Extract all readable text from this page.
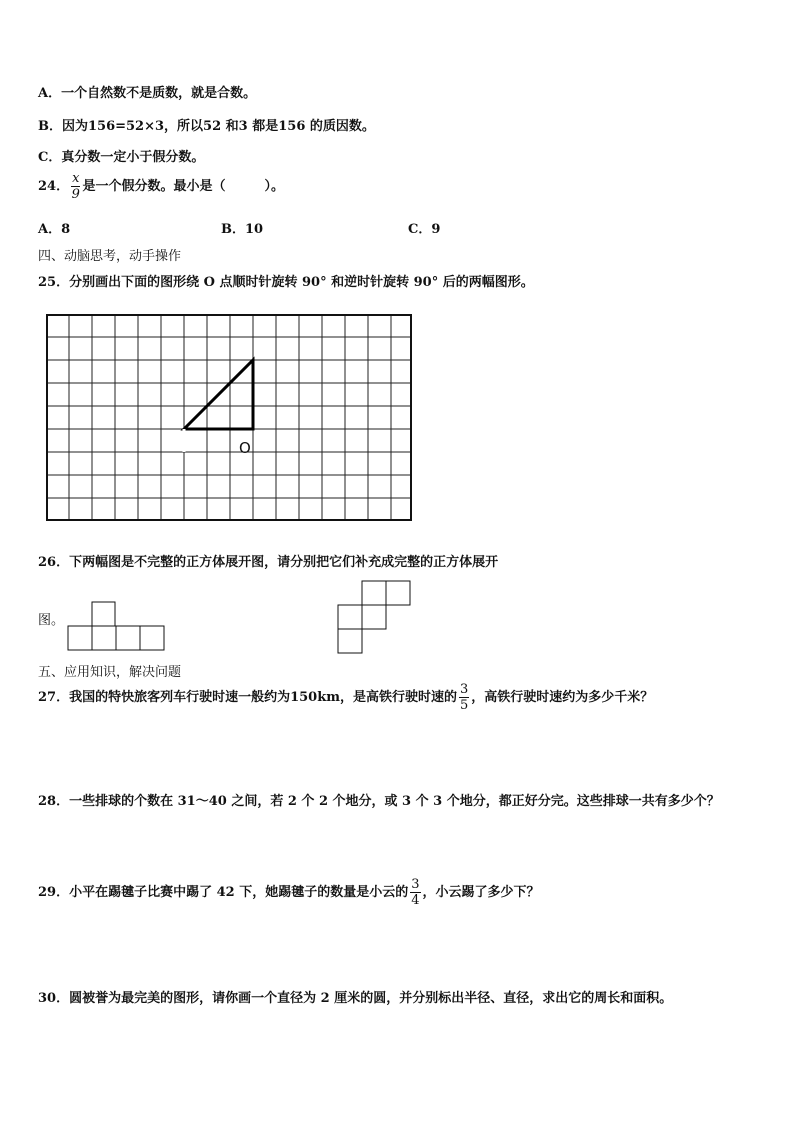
A．一个自然数不是质数，就是合数。
B．因为156=52×3，所以52 和3 都是156 的质因数。
C．真分数一定小于假分数。
24． $\frac{x}{9}$ 是一个假分数。最小是（　　　）。
A．8	B．10	C．9
四、动脑思考，动手操作
25．分别画出下面的图形绕 O 点顺时针旋转 90° 和逆时针旋转 90° 后的两幅图形。
O
26．下两幅图是不完整的正方体展开图，请分别把它们补充成完整的正方体展开
图。
五、应用知识，解决问题
27．我国的特快旅客列车行驶时速一般约为150km，是高铁行驶时速的 $\frac{3}{5}$ ，高铁行驶时速约为多少千米？
28．一些排球的个数在 31～40 之间，若 2 个 2 个地分，或 3 个 3 个地分，都正好分完。这些排球一共有多少个？
29．小平在踢毽子比赛中踢了 42 下，她踢毽子的数量是小云的 $\frac{3}{4}$ ，小云踢了多少下？
30．圆被誉为最完美的图形，请你画一个直径为 2 厘米的圆，并分别标出半径、直径，求出它的周长和面积。
